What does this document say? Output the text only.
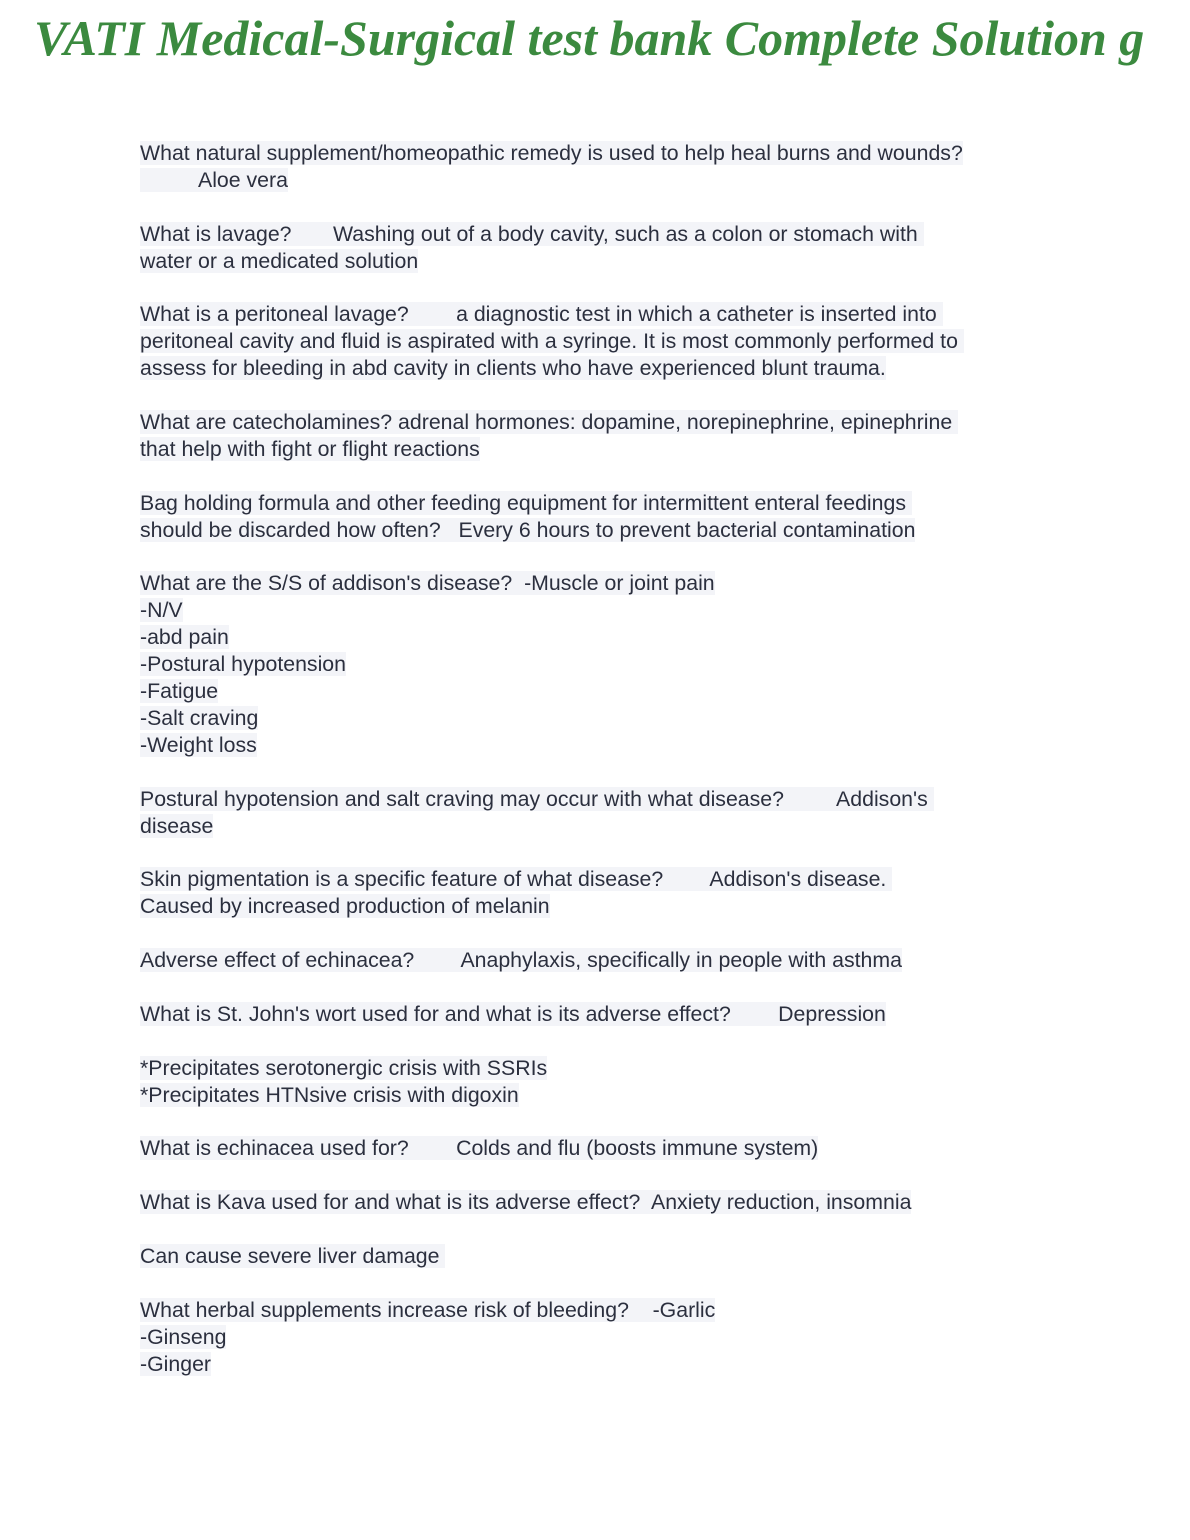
VATI Medical-Surgical test bank Complete Solution g
What natural supplement/homeopathic remedy is used to help heal burns and wounds?
Aloe vera
What is lavage?       Washing out of a body cavity, such as a colon or stomach with
water or a medicated solution
What is a peritoneal lavage?        a diagnostic test in which a catheter is inserted into
peritoneal cavity and fluid is aspirated with a syringe. It is most commonly performed to
assess for bleeding in abd cavity in clients who have experienced blunt trauma.
What are catecholamines? adrenal hormones: dopamine, norepinephrine, epinephrine
that help with fight or flight reactions
Bag holding formula and other feeding equipment for intermittent enteral feedings
should be discarded how often?   Every 6 hours to prevent bacterial contamination
What are the S/S of addison's disease?  -Muscle or joint pain
-N/V
-abd pain
-Postural hypotension
-Fatigue
-Salt craving
-Weight loss
Postural hypotension and salt craving may occur with what disease?         Addison's
disease
Skin pigmentation is a specific feature of what disease?        Addison's disease.
Caused by increased production of melanin
Adverse effect of echinacea?        Anaphylaxis, specifically in people with asthma
What is St. John's wort used for and what is its adverse effect?        Depression
*Precipitates serotonergic crisis with SSRIs
*Precipitates HTNsive crisis with digoxin
What is echinacea used for?        Colds and flu (boosts immune system)
What is Kava used for and what is its adverse effect?  Anxiety reduction, insomnia
Can cause severe liver damage
What herbal supplements increase risk of bleeding?    -Garlic
-Ginseng
-Ginger
